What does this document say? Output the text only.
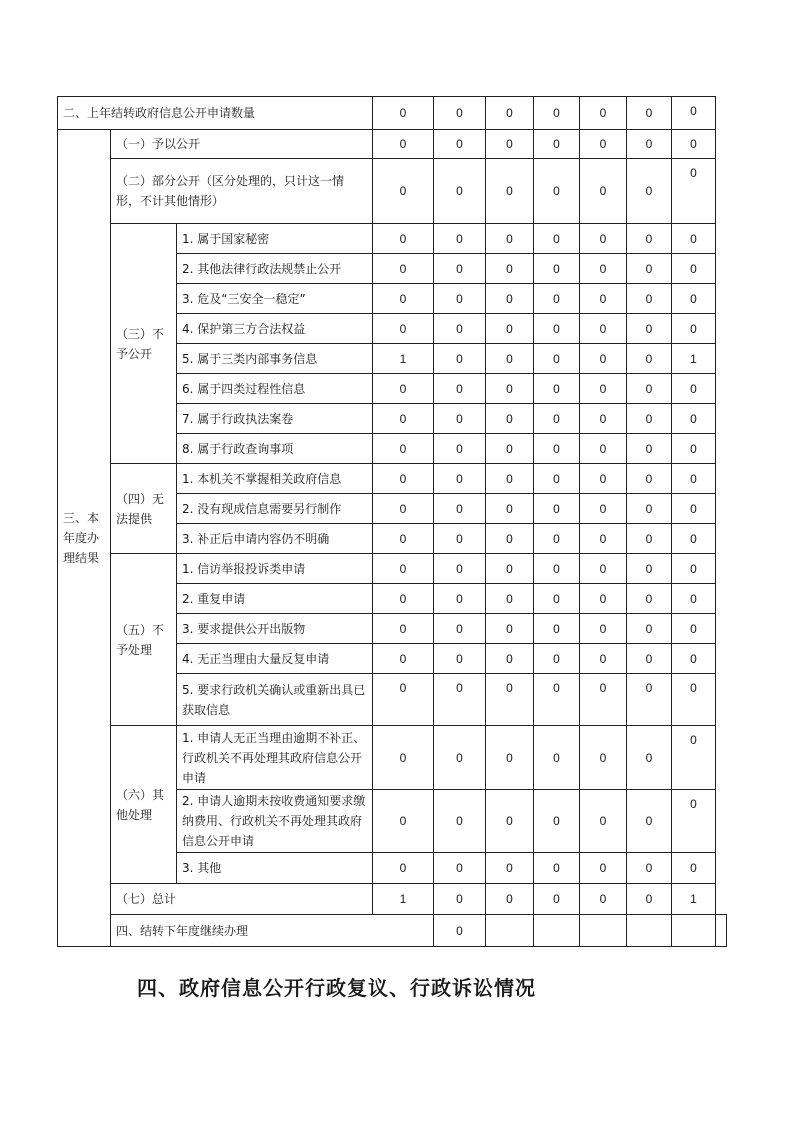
二、上年结转政府信息公开申请数量			0	0	0	0	0	0	0	
三、本年度办理结果	（一）予以公开		0	0	0	0	0	0	0	
	（二）部分公开（区分处理的，只计这一情形，不计其他情形）		0	0	0	0	0	0	0	
	（三）不予公开	1. 属于国家秘密	0	0	0	0	0	0	0	
		2. 其他法律行政法规禁止公开	0	0	0	0	0	0	0	
		3. 危及“三安全一稳定”	0	0	0	0	0	0	0	
		4. 保护第三方合法权益	0	0	0	0	0	0	0	
		5. 属于三类内部事务信息	1	0	0	0	0	0	1	
		6. 属于四类过程性信息	0	0	0	0	0	0	0	
		7. 属于行政执法案卷	0	0	0	0	0	0	0	
		8. 属于行政查询事项	0	0	0	0	0	0	0	
	（四）无法提供	1. 本机关不掌握相关政府信息	0	0	0	0	0	0	0	
		2. 没有现成信息需要另行制作	0	0	0	0	0	0	0	
		3. 补正后申请内容仍不明确	0	0	0	0	0	0	0	
	（五）不予处理	1. 信访举报投诉类申请	0	0	0	0	0	0	0	
		2. 重复申请	0	0	0	0	0	0	0	
		3. 要求提供公开出版物	0	0	0	0	0	0	0	
		4. 无正当理由大量反复申请	0	0	0	0	0	0	0	
		5. 要求行政机关确认或重新出具已获取信息	0	0	0	0	0	0	0	
	（六）其他处理	1. 申请人无正当理由逾期不补正、行政机关不再处理其政府信息公开申请	0	0	0	0	0	0	0	
		2. 申请人逾期未按收费通知要求缴纳费用、行政机关不再处理其政府信息公开申请	0	0	0	0	0	0	0	
		3. 其他	0	0	0	0	0	0	0	
	（七）总计		1	0	0	0	0	0	1	
	四、结转下年度继续办理			0						
四、政府信息公开行政复议、行政诉讼情况
